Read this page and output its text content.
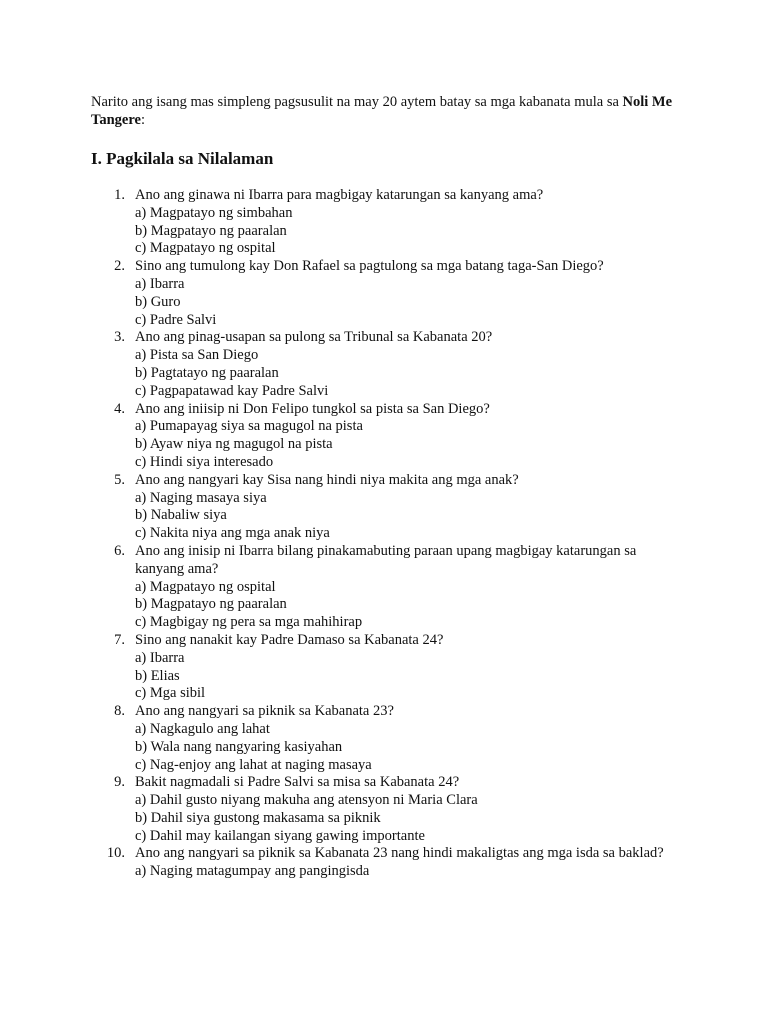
Narito ang isang mas simpleng pagsusulit na may 20 aytem batay sa mga kabanata mula sa Noli Me Tangere:

I. Pagkilala sa Nilalaman
1. Ano ang ginawa ni Ibarra para magbigay katarungan sa kanyang ama?
a) Magpatayo ng simbahan
b) Magpatayo ng paaralan
c) Magpatayo ng ospital
2. Sino ang tumulong kay Don Rafael sa pagtulong sa mga batang taga-San Diego?
a) Ibarra
b) Guro
c) Padre Salvi
3. Ano ang pinag-usapan sa pulong sa Tribunal sa Kabanata 20?
a) Pista sa San Diego
b) Pagtatayo ng paaralan
c) Pagpapatawad kay Padre Salvi
4. Ano ang iniisip ni Don Felipo tungkol sa pista sa San Diego?
a) Pumapayag siya sa magugol na pista
b) Ayaw niya ng magugol na pista
c) Hindi siya interesado
5. Ano ang nangyari kay Sisa nang hindi niya makita ang mga anak?
a) Naging masaya siya
b) Nabaliw siya
c) Nakita niya ang mga anak niya
6. Ano ang inisip ni Ibarra bilang pinakamabuting paraan upang magbigay katarungan sa kanyang ama?
a) Magpatayo ng ospital
b) Magpatayo ng paaralan
c) Magbigay ng pera sa mga mahihirap
7. Sino ang nanakit kay Padre Damaso sa Kabanata 24?
a) Ibarra
b) Elias
c) Mga sibil
8. Ano ang nangyari sa piknik sa Kabanata 23?
a) Nagkagulo ang lahat
b) Wala nang nangyaring kasiyahan
c) Nag-enjoy ang lahat at naging masaya
9. Bakit nagmadali si Padre Salvi sa misa sa Kabanata 24?
a) Dahil gusto niyang makuha ang atensyon ni Maria Clara
b) Dahil siya gustong makasama sa piknik
c) Dahil may kailangan siyang gawing importante
10. Ano ang nangyari sa piknik sa Kabanata 23 nang hindi makaligtas ang mga isda sa baklad?
a) Naging matagumpay ang pangingisda
